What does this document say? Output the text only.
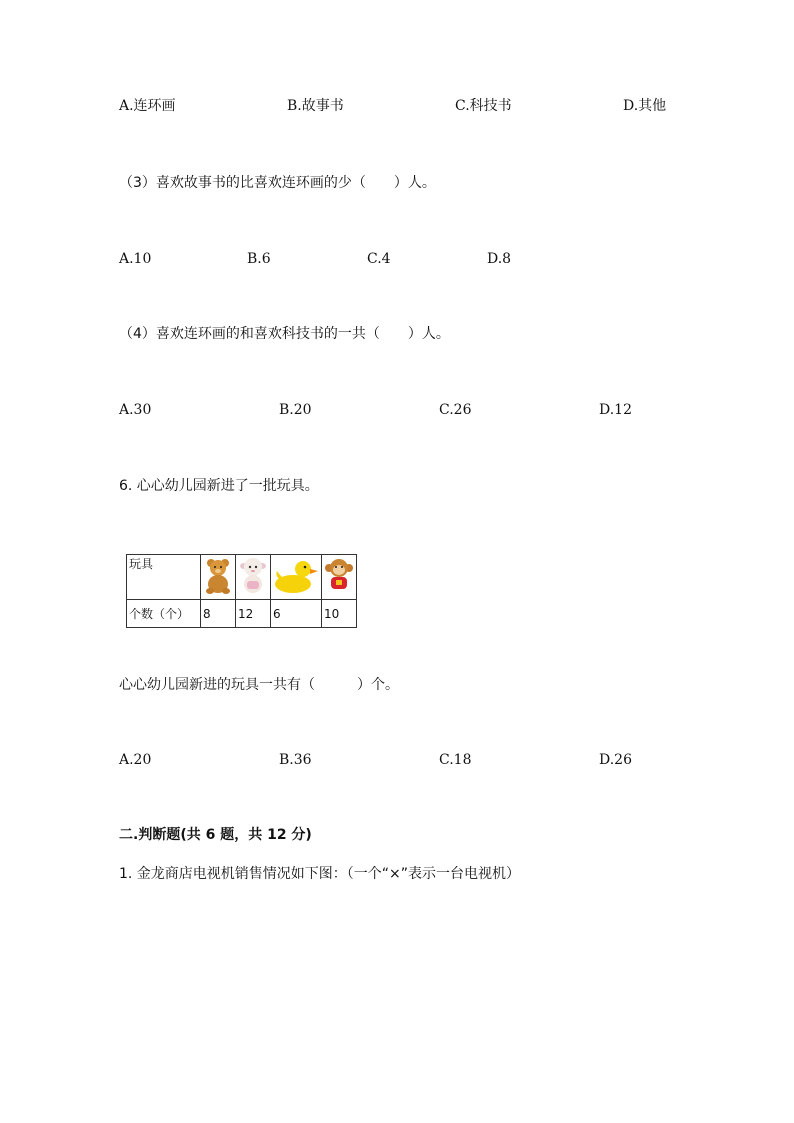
A.连环画	B.故事书	C.科技书	D.其他
（3）喜欢故事书的比喜欢连环画的少（　　）人。
A.10	B.6	C.4	D.8
（4）喜欢连环画的和喜欢科技书的一共（　　）人。
A.30	B.20	C.26	D.12
6. 心心幼儿园新进了一批玩具。
玩具	

个数（个）	8	12	6	10
心心幼儿园新进的玩具一共有（　　　）个。
A.20	B.36	C.18	D.26
二.判断题(共 6 题，共 12 分)
1. 金龙商店电视机销售情况如下图：（一个“×”表示一台电视机）
